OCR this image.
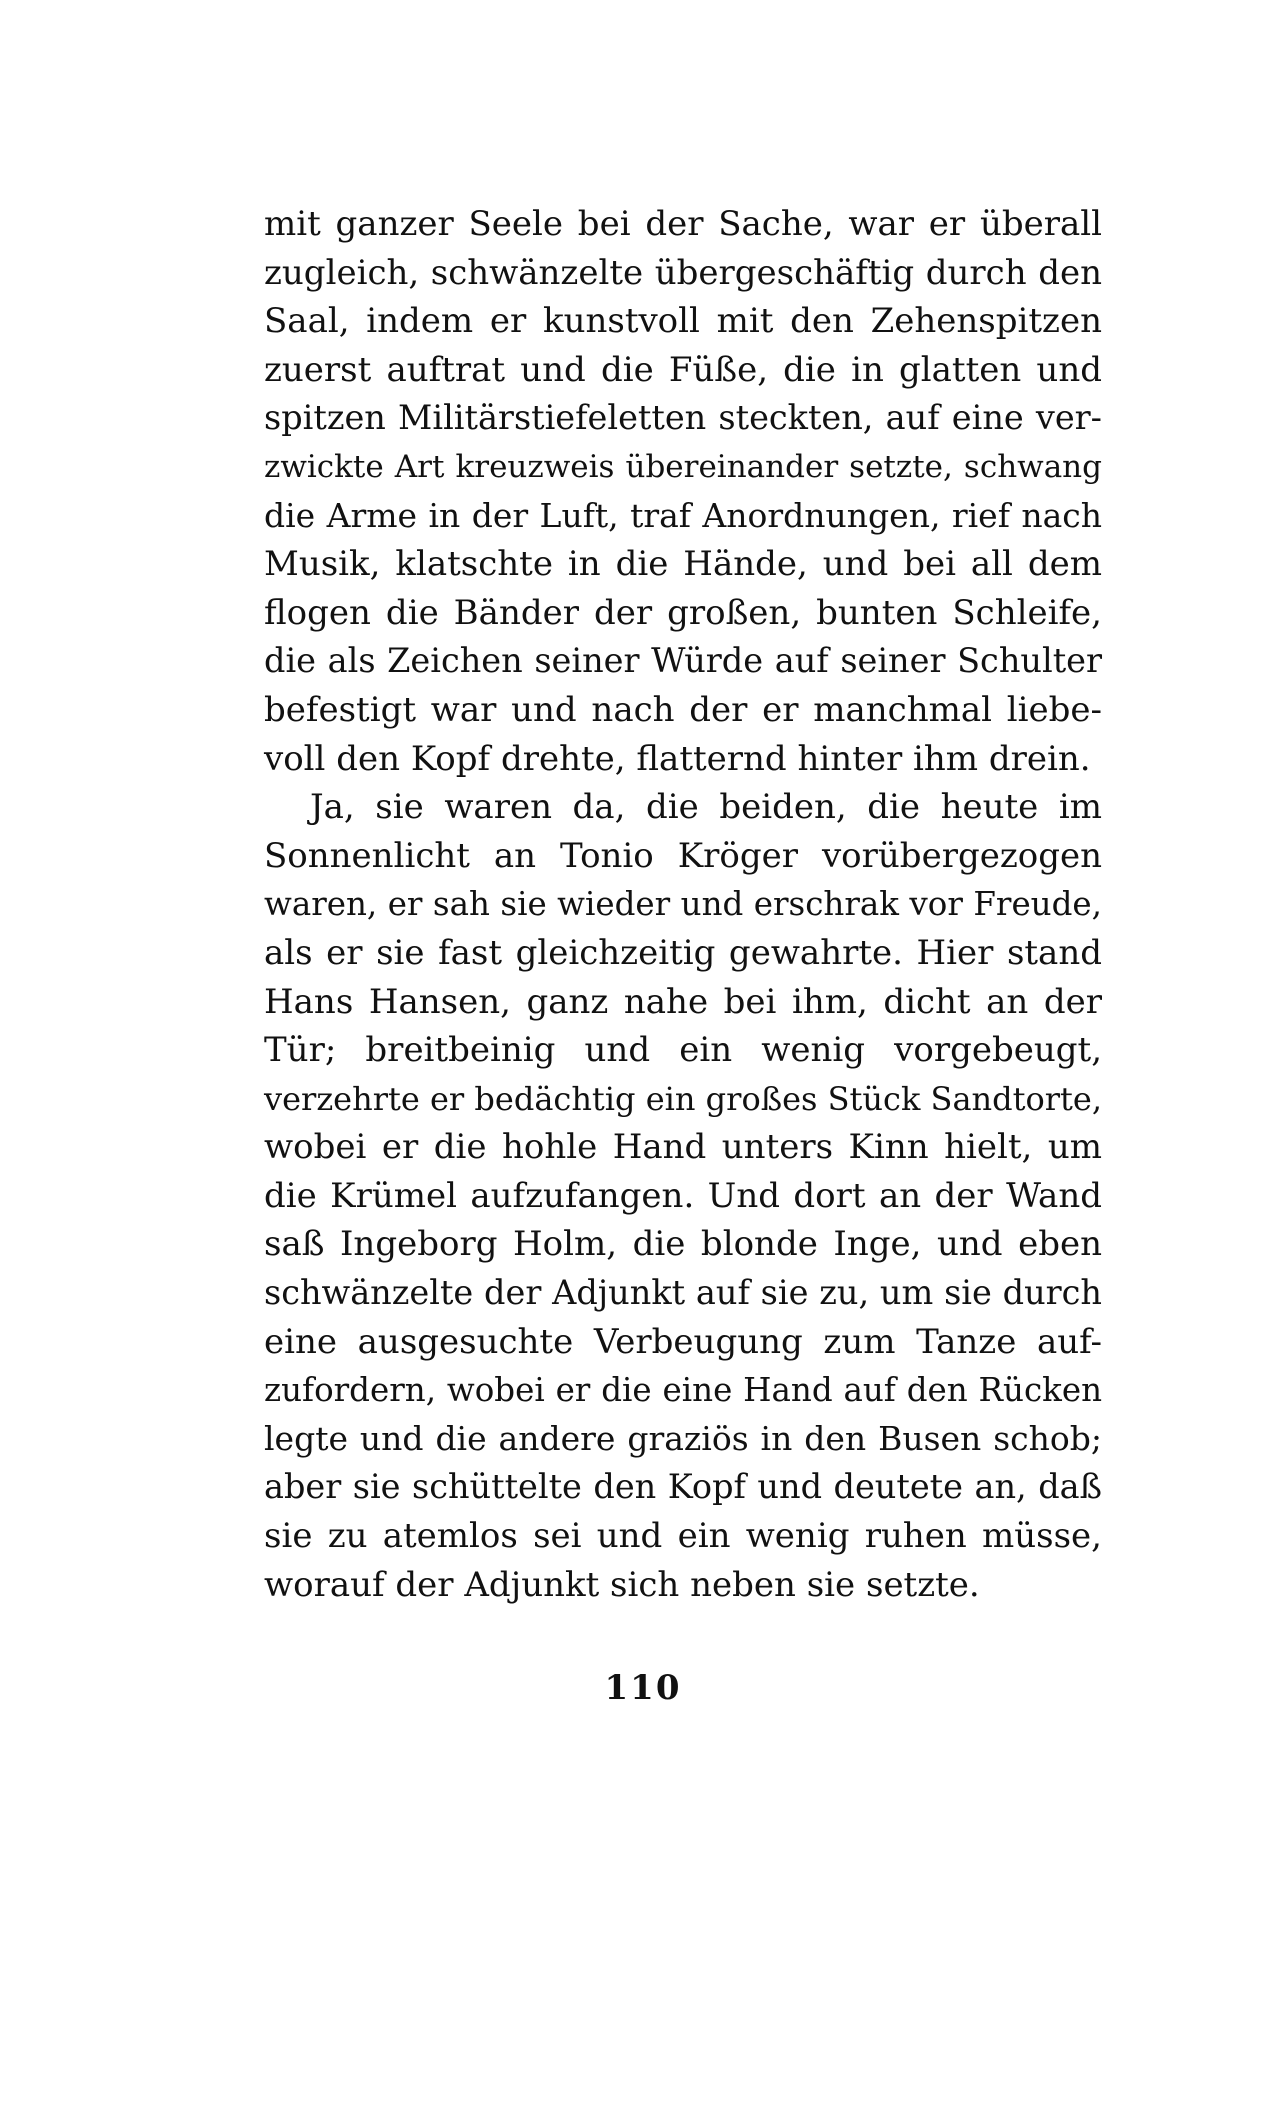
mit ganzer Seele bei der Sache, war er überall
zugleich, schwänzelte übergeschäftig durch den
Saal, indem er kunstvoll mit den Zehenspitzen
zuerst auftrat und die Füße, die in glatten und
spitzen Militärstiefeletten steckten, auf eine ver-
zwickte Art kreuzweis übereinander setzte, schwang
die Arme in der Luft, traf Anordnungen, rief nach
Musik, klatschte in die Hände, und bei all dem
flogen die Bänder der großen, bunten Schleife,
die als Zeichen seiner Würde auf seiner Schulter
befestigt war und nach der er manchmal liebe-
voll den Kopf drehte, flatternd hinter ihm drein.
Ja, sie waren da, die beiden, die heute im
Sonnenlicht an Tonio Kröger vorübergezogen
waren, er sah sie wieder und erschrak vor Freude,
als er sie fast gleichzeitig gewahrte. Hier stand
Hans Hansen, ganz nahe bei ihm, dicht an der
Tür; breitbeinig und ein wenig vorgebeugt,
verzehrte er bedächtig ein großes Stück Sandtorte,
wobei er die hohle Hand unters Kinn hielt, um
die Krümel aufzufangen. Und dort an der Wand
saß Ingeborg Holm, die blonde Inge, und eben
schwänzelte der Adjunkt auf sie zu, um sie durch
eine ausgesuchte Verbeugung zum Tanze auf-
zufordern, wobei er die eine Hand auf den Rücken
legte und die andere graziös in den Busen schob;
aber sie schüttelte den Kopf und deutete an, daß
sie zu atemlos sei und ein wenig ruhen müsse,
worauf der Adjunkt sich neben sie setzte.
110
